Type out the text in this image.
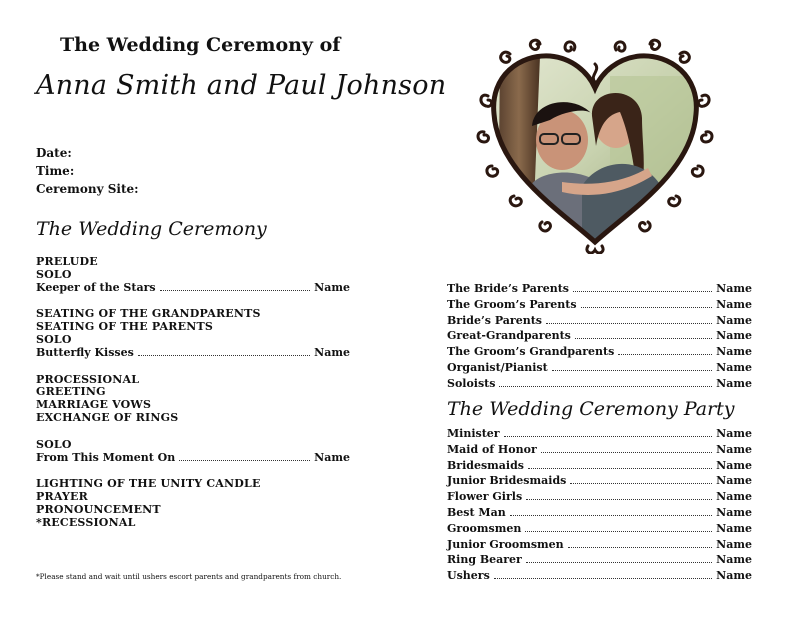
The Wedding Ceremony of
Anna Smith and Paul Johnson
Date:
Time:
Ceremony Site:
The Wedding Ceremony
PRELUDE
SOLO
Keeper of the Stars	Name
SEATING OF THE GRANDPARENTS
SEATING OF THE PARENTS
SOLO
Butterfly Kisses	Name
PROCESSIONAL
GREETING
MARRIAGE VOWS
EXCHANGE OF RINGS
SOLO
From This Moment On	Name
LIGHTING OF THE UNITY CANDLE
PRAYER
PRONOUNCEMENT
*RECESSIONAL
*Please stand and wait until ushers escort parents and grandparents from church.
The Bride’s Parents	Name
The Groom’s Parents	Name
Bride’s Parents	Name
Great-Grandparents	Name
The Groom’s Grandparents	Name
Organist/Pianist	Name
Soloists	Name
The Wedding Ceremony Party
Minister	Name
Maid of Honor	Name
Bridesmaids	Name
Junior Bridesmaids	Name
Flower Girls	Name
Best Man	Name
Groomsmen	Name
Junior Groomsmen	Name
Ring Bearer	Name
Ushers	Name
